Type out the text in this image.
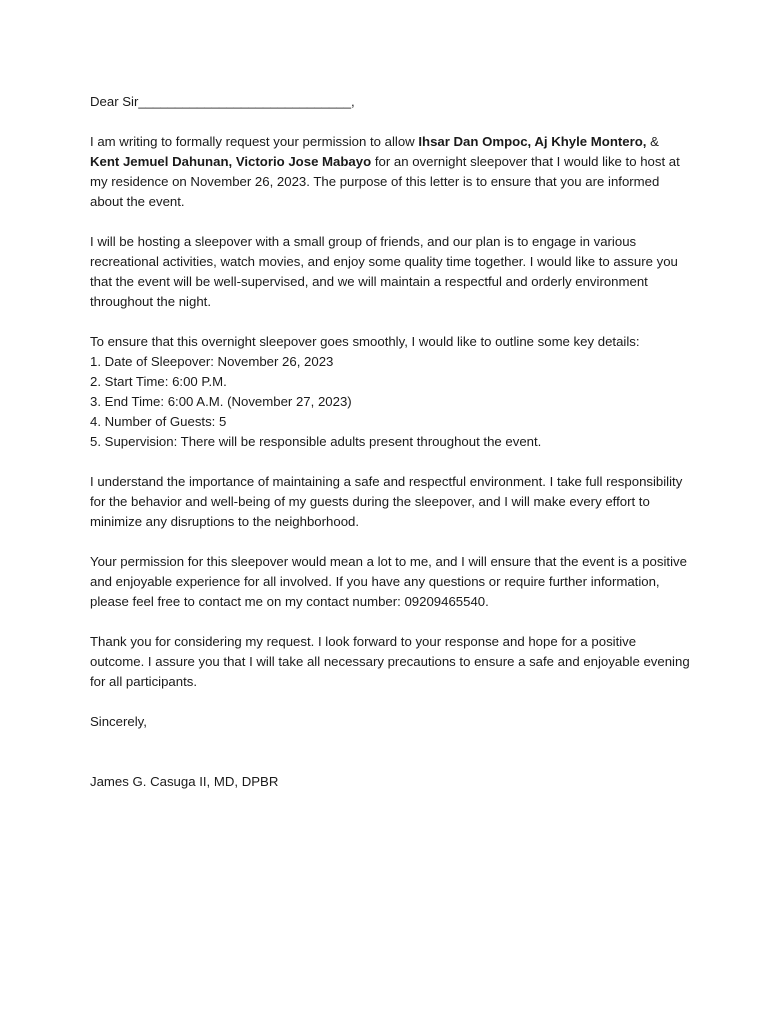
Dear Sir_____________________________,

I am writing to formally request your permission to allow Ihsar Dan Ompoc, Aj Khyle Montero, & Kent Jemuel Dahunan, Victorio Jose Mabayo for an overnight sleepover that I would like to host at my residence on November 26, 2023. The purpose of this letter is to ensure that you are informed about the event.

I will be hosting a sleepover with a small group of friends, and our plan is to engage in various recreational activities, watch movies, and enjoy some quality time together. I would like to assure you that the event will be well-supervised, and we will maintain a respectful and orderly environment throughout the night.

To ensure that this overnight sleepover goes smoothly, I would like to outline some key details:

1. Date of Sleepover: November 26, 2023

2. Start Time: 6:00 P.M.

3. End Time: 6:00 A.M. (November 27, 2023)

4. Number of Guests: 5

5. Supervision: There will be responsible adults present throughout the event.

I understand the importance of maintaining a safe and respectful environment. I take full responsibility for the behavior and well-being of my guests during the sleepover, and I will make every effort to minimize any disruptions to the neighborhood.

Your permission for this sleepover would mean a lot to me, and I will ensure that the event is a positive and enjoyable experience for all involved. If you have any questions or require further information, please feel free to contact me on my contact number: 09209465540.

Thank you for considering my request. I look forward to your response and hope for a positive outcome. I assure you that I will take all necessary precautions to ensure a safe and enjoyable evening for all participants.

Sincerely,

James G. Casuga II, MD, DPBR
